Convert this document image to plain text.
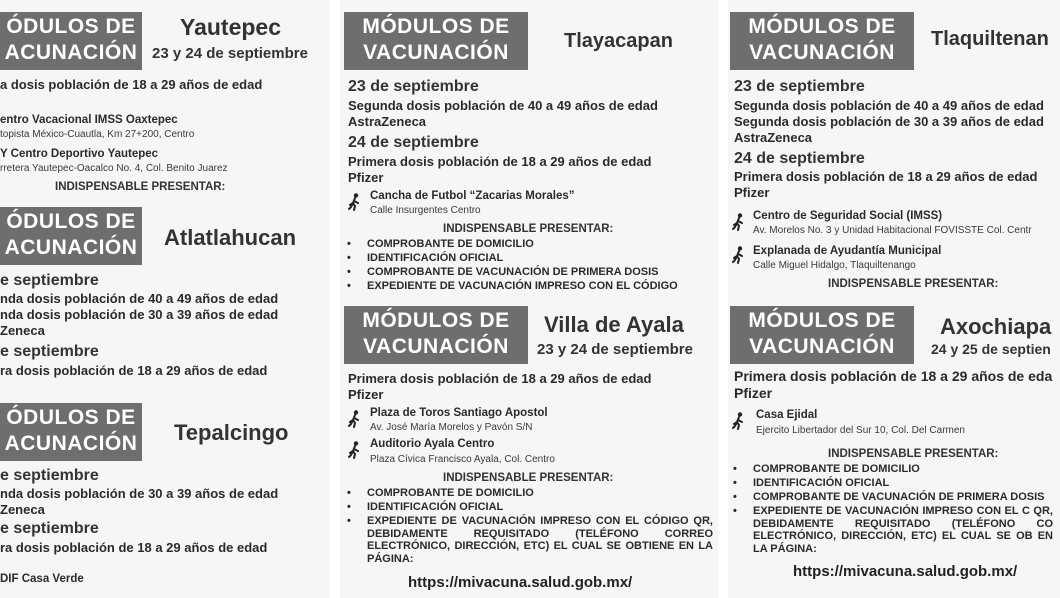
ÓDULOS DE
ACUNACIÓN
Yautepec
23 y 24 de septiembre
a dosis población de 18 a 29 años de edad
entro Vacacional IMSS Oaxtepec
topista México-Cuautla, Km 27+200, Centro
Y Centro Deportivo Yautepec
rretera Yautepec-Oacalco No. 4, Col. Benito Juarez
INDISPENSABLE PRESENTAR:
ÓDULOS DE
ACUNACIÓN Atlatlahucan
e septiembre
nda dosis población de 40 a 49 años de edad
nda dosis población de 30 a 39 años de edad
Zeneca
e septiembre
ra dosis población de 18 a 29 años de edad
ÓDULOS DE
ACUNACIÓN Tepalcingo
e septiembre
nda dosis población de 30 a 39 años de edad
Zeneca
e septiembre
ra dosis población de 18 a 29 años de edad
DIF Casa Verde
MÓDULOS DE
VACUNACIÓN	Tlayacapan
23 de septiembre
Segunda dosis población de 40 a 49 años de edad
AstraZeneca
24 de septiembre
Primera dosis población de 18 a 29 años de edad
Pfizer
Cancha de Futbol “Zacarias Morales”
Calle Insurgentes Centro
INDISPENSABLE PRESENTAR:
• COMPROBANTE DE DOMICILIO
• IDENTIFICACIÓN OFICIAL
• COMPROBANTE DE VACUNACIÓN DE PRIMERA DOSIS
• EXPEDIENTE DE VACUNACIÓN IMPRESO CON EL CÓDIGO
MÓDULOS DE
VACUNACIÓN
Villa de Ayala
23 y 24 de septiembre
Primera dosis población de 18 a 29 años de edad
Pfizer
Plaza de Toros Santiago Apostol
Av. José María Morelos y Pavón S/N
Auditorio Ayala Centro
Plaza Cívica Francisco Ayala, Col. Centro
INDISPENSABLE PRESENTAR:
• COMPROBANTE DE DOMICILIO
• IDENTIFICACIÓN OFICIAL
EXPEDIENTE DE VACUNACIÓN IMPRESO CON EL CÓDIGO QR, DEBIDAMENTE REQUISITADO (TELÉFONO CORREO ELECTRÓNICO, DIRECCIÓN, ETC) EL CUAL SE OBTIENE EN LA PÁGINA:
https://mivacuna.salud.gob.mx/
MÓDULOS DE
VACUNACIÓN
Tlaquiltenan
23 de septiembre
Segunda dosis población de 40 a 49 años de edad
Segunda dosis población de 30 a 39 años de edad
AstraZeneca
24 de septiembre
Primera dosis población de 18 a 29 años de edad
Pfizer
Centro de Seguridad Social (IMSS)
Av. Morelos No. 3 y Unidad Habitacional FOVISSTE Col. Centr
Explanada de Ayudantía Municipal
Calle Miguel Hidalgo, Tlaquiltenango
INDISPENSABLE PRESENTAR:
MÓDULOS DE
VACUNACIÓN
Axochiapa
24 y 25 de septien
Primera dosis población de 18 a 29 años de eda
Pfizer
Casa Ejidal
Ejercito Libertador del Sur 10, Col. Del Carmen
INDISPENSABLE PRESENTAR:
• COMPROBANTE DE DOMICILIO
• IDENTIFICACIÓN OFICIAL
• COMPROBANTE DE VACUNACIÓN DE PRIMERA DOSIS
EXPEDIENTE DE VACUNACIÓN IMPRESO CON EL C QR, DEBIDAMENTE REQUISITADO (TELÉFONO CO ELECTRÓNICO, DIRECCIÓN, ETC) EL CUAL SE OB EN LA PÁGINA:
https://mivacuna.salud.gob.mx/
